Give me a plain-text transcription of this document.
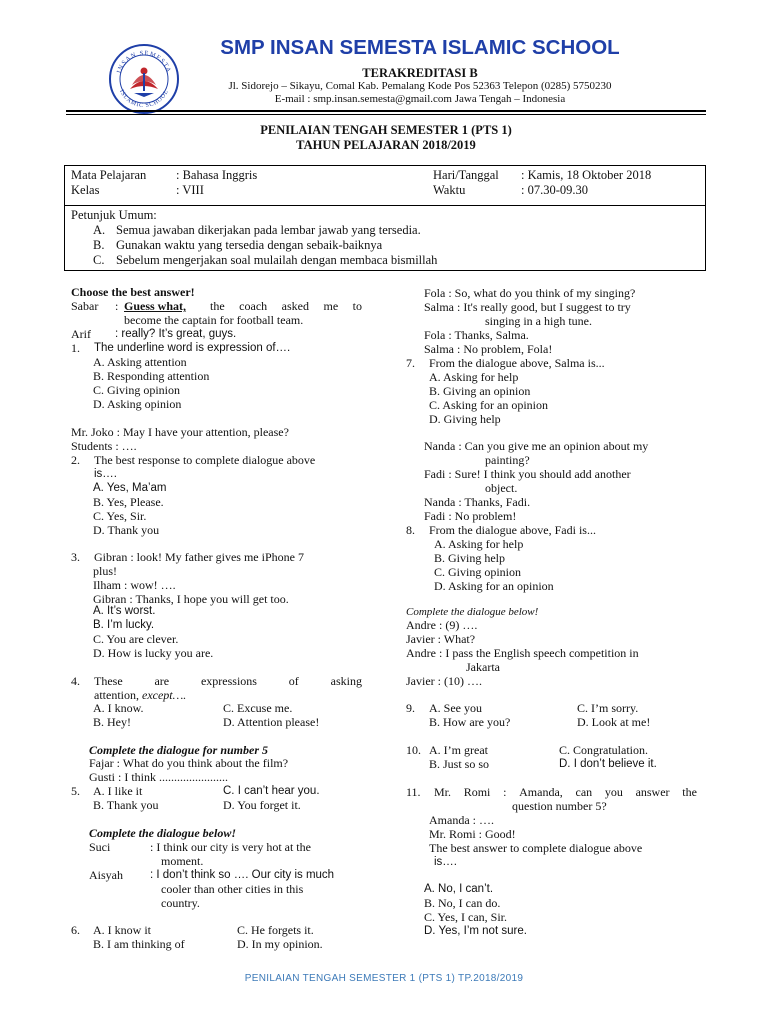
INSAN SEMESTA
ISLAMIC SCHOOL
SMP INSAN SEMESTA ISLAMIC SCHOOL
TERAKREDITASI B
Jl. Sidorejo – Sikayu, Comal Kab. Pemalang Kode Pos 52363 Telepon (0285) 5750230
E-mail : smp.insan.semesta@gmail.com Jawa Tengah – Indonesia
PENILAIAN TENGAH SEMESTER 1 (PTS 1)
TAHUN PELAJARAN 2018/2019
Mata Pelajaran : Bahasa Inggris
Kelas	: VIII
Hari/Tanggal : Kamis, 18 Oktober 2018
Waktu	: 07.30-09.30
Petunjuk Umum:
A. Semua jawaban dikerjakan pada lembar jawab yang tersedia.
B. Gunakan waktu yang tersedia dengan sebaik-baiknya
C. Sebelum mengerjakan soal mulailah dengan membaca bismillah
Choose the best answer!
Sabar : Guess what, the coach asked me to
become the captain for football team.
Arif : really? It’s great, guys.
1. The underline word is expression of….
A. Asking attention
B. Responding attention
C. Giving opinion
D. Asking opinion
Mr. Joko : May I have your attention, please?
Students : ….
2. The best response to complete dialogue above
is….
A. Yes, Ma’am
B. Yes, Please.
C. Yes, Sir.
D. Thank you
3. Gibran : look! My father gives me iPhone 7
plus!
Ilham : wow! ….
Gibran : Thanks, I hope you will get too.
A. It’s worst.
B. I’m lucky.
C. You are clever.
D. How is lucky you are.
4. These	are	expressions	of	asking
attention, except….
A. I know.	C. Excuse me.
B. Hey!	D. Attention please!
Complete the dialogue for number 5
Fajar : What do you think about the film?
Gusti : I think .......................
5. A. I like it	C. I can’t hear you.
B. Thank you	D. You forget it.
Complete the dialogue below!
Suci	: I think our city is very hot at the
moment.
Aisyah : I don’t think so …. Our city is much
cooler than other cities in this
country.
6. A. I know it	C. He forgets it.
B. I am thinking of	D. In my opinion.
Fola : So, what do you think of my singing?
Salma : It's really good, but I suggest to try
singing in a high tune.
Fola : Thanks, Salma.
Salma : No problem, Fola!
7. From the dialogue above, Salma is...
A. Asking for help
B. Giving an opinion
C. Asking for an opinion
D. Giving help
Nanda : Can you give me an opinion about my
painting?
Fadi : Sure! I think you should add another
object.
Nanda : Thanks, Fadi.
Fadi : No problem!
8. From the dialogue above, Fadi is...
A. Asking for help
B. Giving help
C. Giving opinion
D. Asking for an opinion
Complete the dialogue below!
Andre : (9) ….
Javier : What?
Andre : I pass the English speech competition in
Jakarta
Javier : (10) ….
9. A. See you	C. I’m sorry.
B. How are you?	D. Look at me!
10. A. I’m great	C. Congratulation.
B. Just so so	D. I don’t believe it.
11. Mr. Romi : Amanda, can you answer the
question number 5?
Amanda : ….
Mr. Romi : Good!
The best answer to complete dialogue above
is….
A. No, I can’t.
B. No, I can do.
C. Yes, I can, Sir.
D. Yes, I’m not sure.
PENILAIAN TENGAH SEMESTER 1 (PTS 1) TP.2018/2019
